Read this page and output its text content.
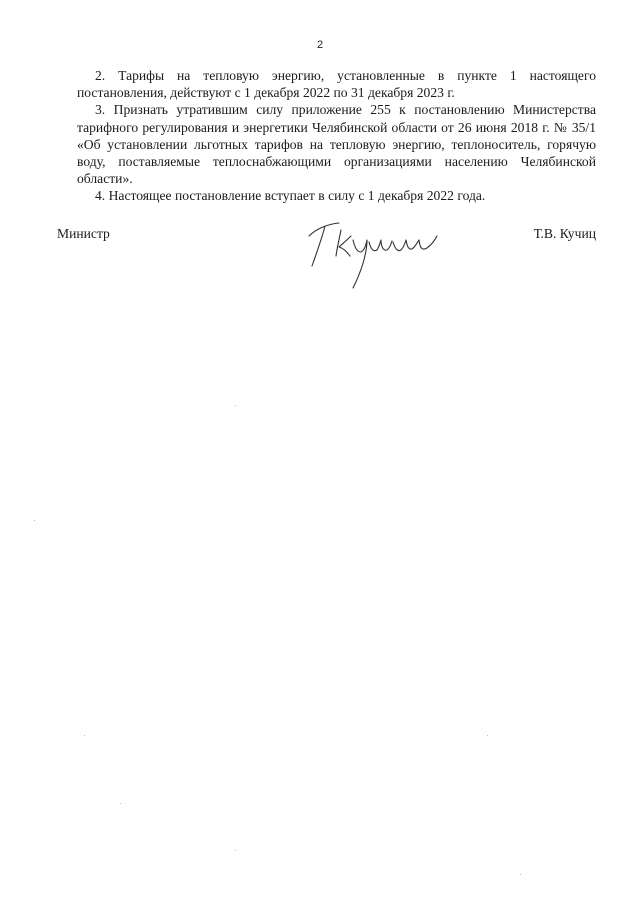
2

2. Тарифы на тепловую энергию, установленные в пункте 1 настоящего постановления, действуют с 1 декабря 2022 по 31 декабря 2023 г.

3. Признать утратившим силу приложение 255 к постановлению Министерства тарифного регулирования и энергетики Челябинской области от 26 июня 2018 г. № 35/1 «Об установлении льготных тарифов на тепловую энергию, теплоноситель, горячую воду, поставляемые теплоснабжающими организациями населению Челябинской области».

4. Настоящее постановление вступает в силу с 1 декабря 2022 года.

Министр	Т.В. Кучиц
